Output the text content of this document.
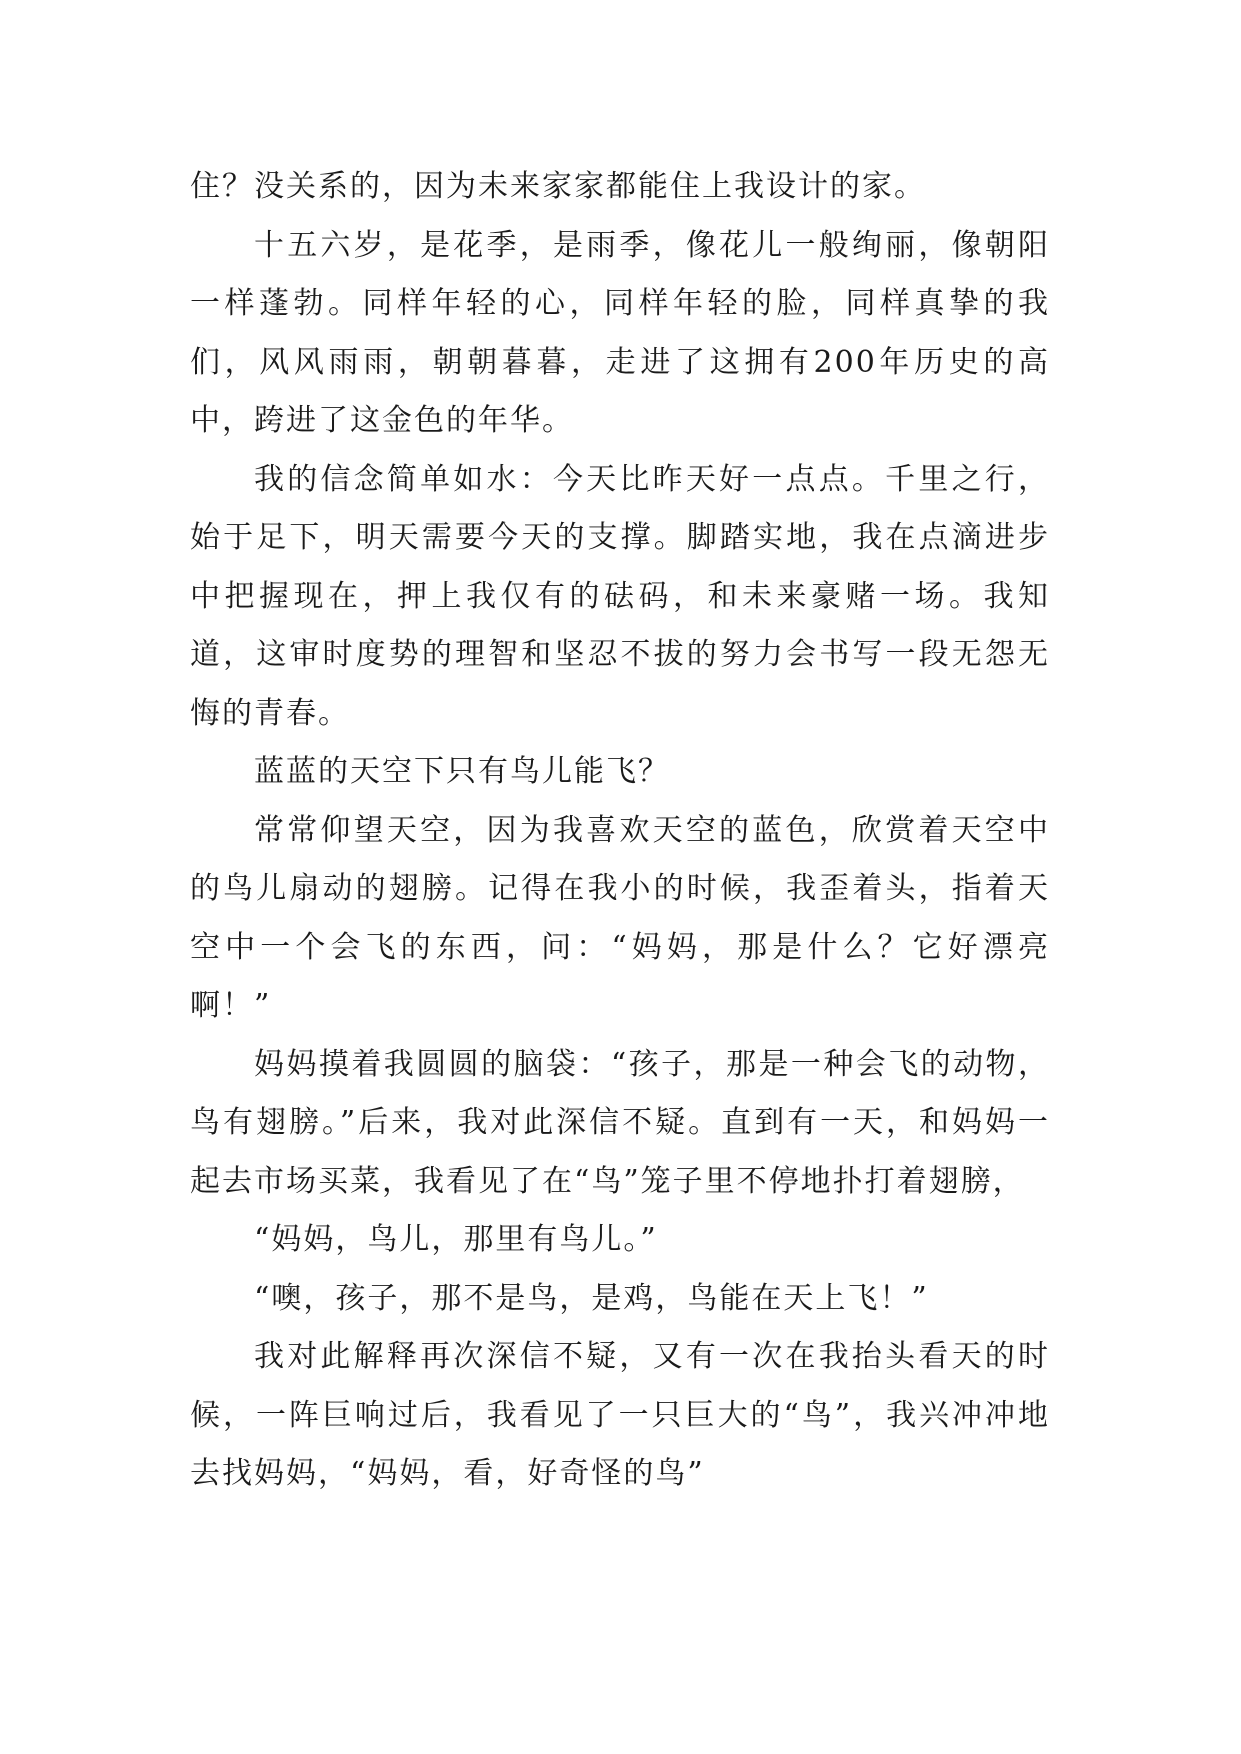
住？没关系的，因为未来家家都能住上我设计的家。

十五六岁，是花季，是雨季，像花儿一般绚丽，像朝阳一样蓬勃。同样年轻的心，同样年轻的脸，同样真挚的我们，风风雨雨，朝朝暮暮，走进了这拥有200年历史的高中，跨进了这金色的年华。

我的信念简单如水：今天比昨天好一点点。千里之行，始于足下，明天需要今天的支撑。脚踏实地，我在点滴进步中把握现在，押上我仅有的砝码，和未来豪赌一场。我知道，这审时度势的理智和坚忍不拔的努力会书写一段无怨无悔的青春。

蓝蓝的天空下只有鸟儿能飞？

常常仰望天空，因为我喜欢天空的蓝色，欣赏着天空中的鸟儿扇动的翅膀。记得在我小的时候，我歪着头，指着天空中一个会飞的东西，问：“妈妈，那是什么？它好漂亮啊！”

妈妈摸着我圆圆的脑袋：“孩子，那是一种会飞的动物，鸟有翅膀。”后来，我对此深信不疑。直到有一天，和妈妈一起去市场买菜，我看见了在“鸟”笼子里不停地扑打着翅膀，

“妈妈，鸟儿，那里有鸟儿。”

“噢，孩子，那不是鸟，是鸡，鸟能在天上飞！”

我对此解释再次深信不疑，又有一次在我抬头看天的时候，一阵巨响过后，我看见了一只巨大的“鸟”，我兴冲冲地去找妈妈，“妈妈，看，好奇怪的鸟”
